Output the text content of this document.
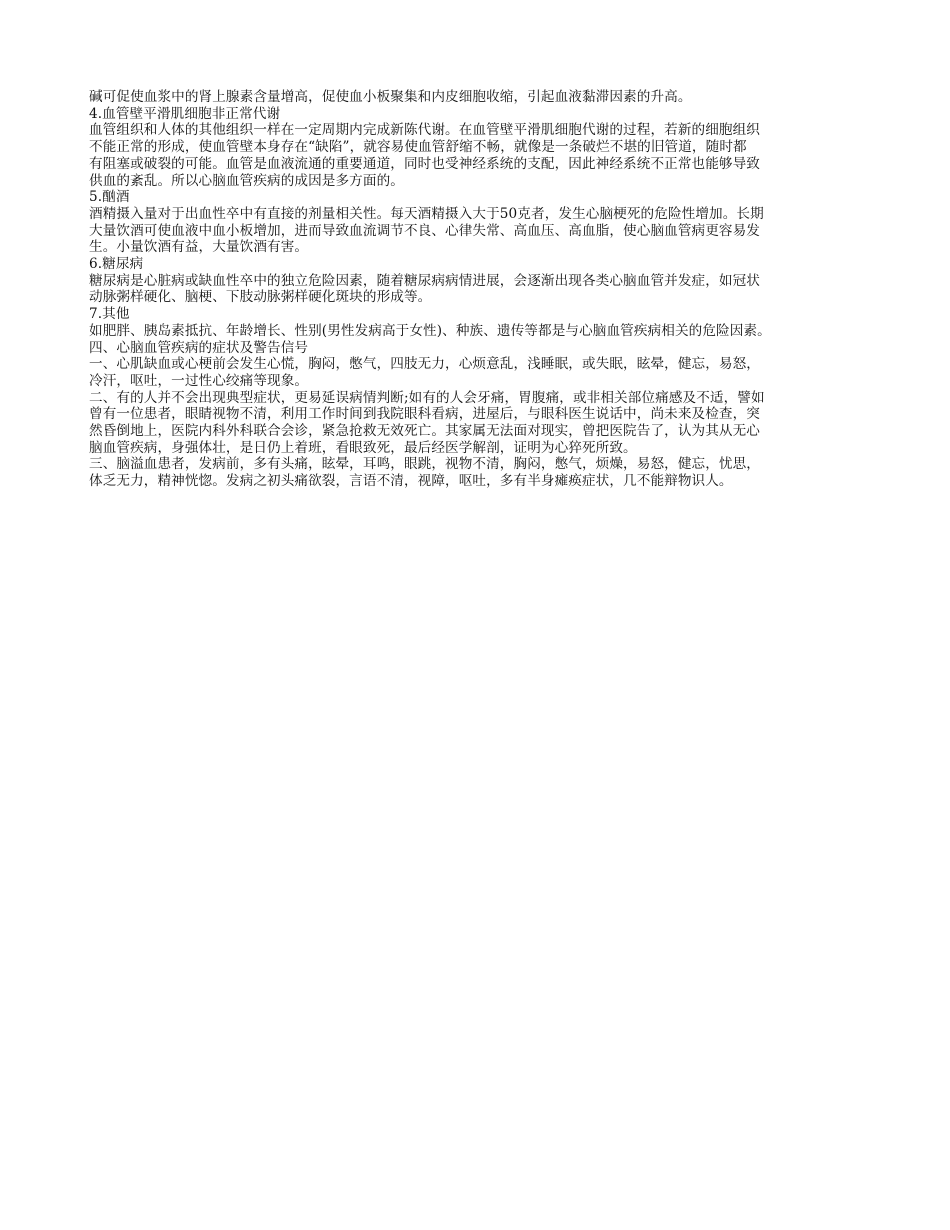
碱可促使血浆中的肾上腺素含量增高，促使血小板聚集和内皮细胞收缩，引起血液黏滞因素的升高。

4.血管壁平滑肌细胞非正常代谢

血管组织和人体的其他组织一样在一定周期内完成新陈代谢。在血管壁平滑肌细胞代谢的过程，若新的细胞组织

不能正常的形成，使血管壁本身存在“缺陷”，就容易使血管舒缩不畅，就像是一条破烂不堪的旧管道，随时都

有阻塞或破裂的可能。血管是血液流通的重要通道，同时也受神经系统的支配，因此神经系统不正常也能够导致

供血的紊乱。所以心脑血管疾病的成因是多方面的。

5.酗酒

酒精摄入量对于出血性卒中有直接的剂量相关性。每天酒精摄入大于50克者，发生心脑梗死的危险性增加。长期

大量饮酒可使血液中血小板增加，进而导致血流调节不良、心律失常、高血压、高血脂，使心脑血管病更容易发

生。小量饮酒有益，大量饮酒有害。

6.糖尿病

糖尿病是心脏病或缺血性卒中的独立危险因素，随着糖尿病病情进展，会逐渐出现各类心脑血管并发症，如冠状

动脉粥样硬化、脑梗、下肢动脉粥样硬化斑块的形成等。

7.其他

如肥胖、胰岛素抵抗、年龄增长、性别(男性发病高于女性)、种族、遗传等都是与心脑血管疾病相关的危险因素。

四、心脑血管疾病的症状及警告信号

一、心肌缺血或心梗前会发生心慌，胸闷，憋气，四肢无力，心烦意乱，浅睡眠，或失眠，眩晕，健忘，易怒，

冷汗，呕吐，一过性心绞痛等现象。

二、有的人并不会出现典型症状，更易延误病情判断;如有的人会牙痛，胃腹痛，或非相关部位痛感及不适，譬如

曾有一位患者，眼睛视物不清，利用工作时间到我院眼科看病，进屋后，与眼科医生说话中，尚未来及检查，突

然昏倒地上，医院内科外科联合会诊，紧急抢救无效死亡。其家属无法面对现实，曾把医院告了，认为其从无心

脑血管疾病，身强体壮，是日仍上着班，看眼致死，最后经医学解剖，证明为心猝死所致。

三、脑溢血患者，发病前，多有头痛，眩晕，耳鸣，眼跳，视物不清，胸闷，憋气，烦燥，易怒，健忘，忧思，

体乏无力，精神恍惚。发病之初头痛欲裂，言语不清，视障，呕吐，多有半身瘫痪症状，几不能辩物识人。
